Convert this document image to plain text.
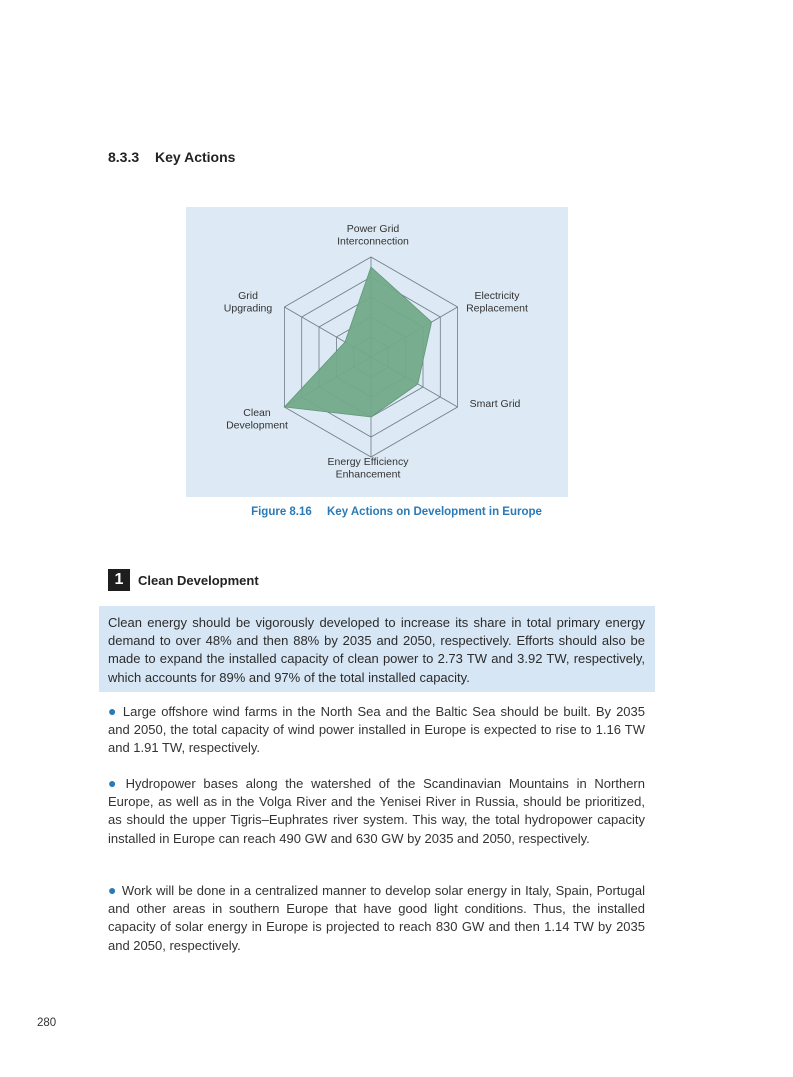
8.3.3 Key Actions
Power Grid Interconnection
Electricity Replacement
Smart Grid
Energy Efficiency Enhancement
Clean Development
Grid Upgrading
Figure 8.16 Key Actions on Development in Europe
1	Clean Development
Clean energy should be vigorously developed to increase its share in total primary energy demand to over 48% and then 88% by 2035 and 2050, respectively. Efforts should also be made to expand the installed capacity of clean power to 2.73 TW and 3.92 TW, respectively, which accounts for 89% and 97% of the total installed capacity.
● Large offshore wind farms in the North Sea and the Baltic Sea should be built. By 2035 and 2050, the total capacity of wind power installed in Europe is expected to rise to 1.16 TW and 1.91 TW, respectively.
● Hydropower bases along the watershed of the Scandinavian Mountains in Northern Europe, as well as in the Volga River and the Yenisei River in Russia, should be prioritized, as should the upper Tigris–Euphrates river system. This way, the total hydropower capacity installed in Europe can reach 490 GW and 630 GW by 2035 and 2050, respectively.
● Work will be done in a centralized manner to develop solar energy in Italy, Spain, Portugal and other areas in southern Europe that have good light conditions. Thus, the installed capacity of solar energy in Europe is projected to reach 830 GW and then 1.14 TW by 2035 and 2050, respectively.
280
